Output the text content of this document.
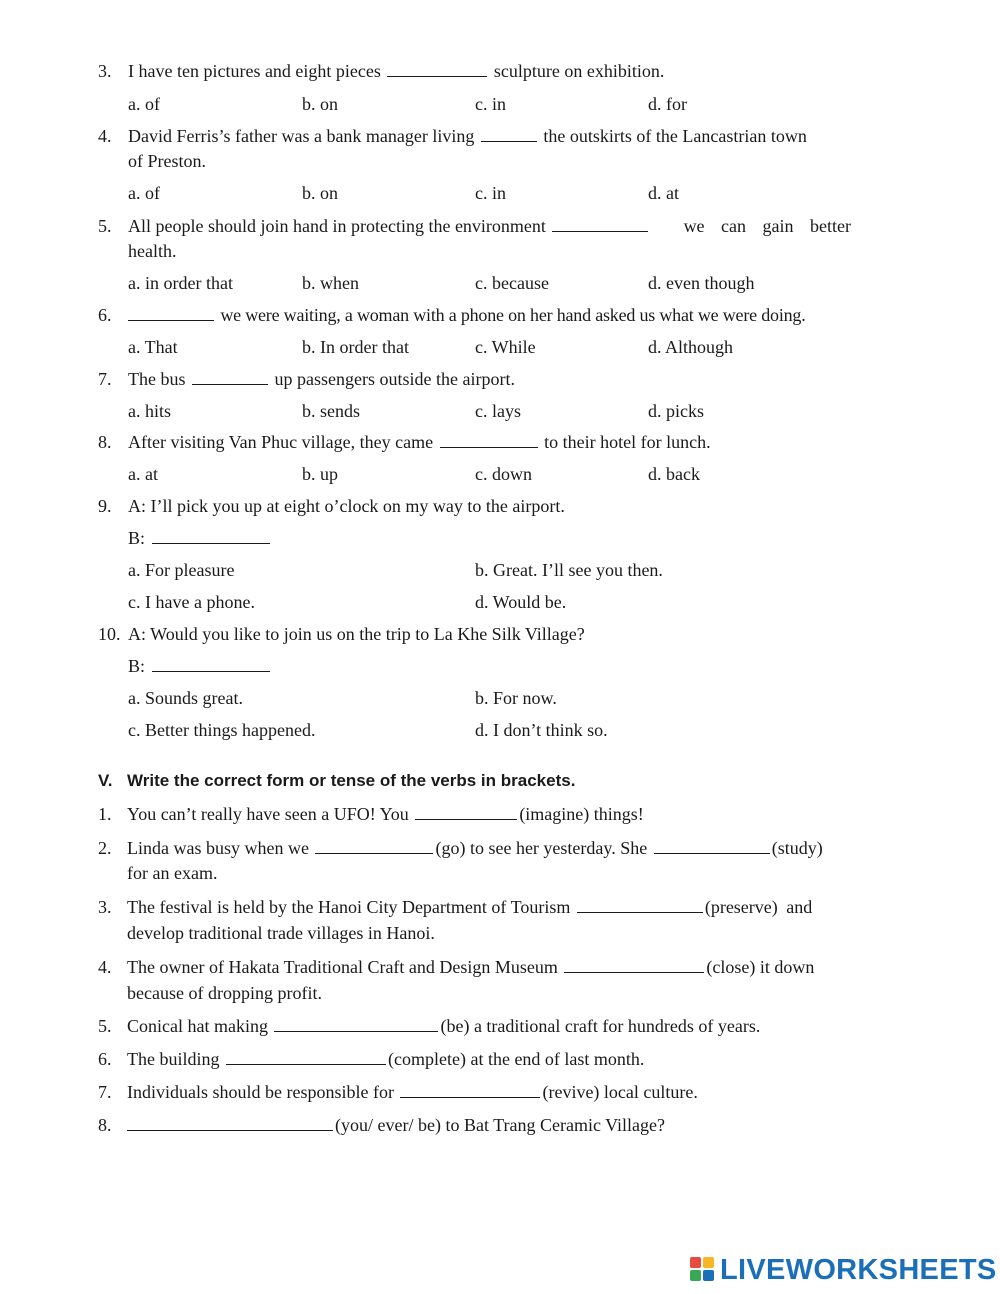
3. I have ten pictures and eight pieces	sculpture on exhibition.
a. of	b. on	c. in	d. for
4. David Ferris’s father was a bank manager living	the outskirts of the Lancastrian town
of Preston.
a. of	b. on	c. in	d. at
5. All people should join hand in protecting the environment	we can gain better
health.
a. in order that	b. when	c. because	d. even though
6.	we were waiting, a woman with a phone on her hand asked us what we were doing.
a. That	b. In order that	c. While	d. Although
7. The bus	up passengers outside the airport.
a. hits	b. sends	c. lays	d. picks
8. After visiting Van Phuc village, they came	to their hotel for lunch.
a. at	b. up	c. down	d. back
9. A: I’ll pick you up at eight o’clock on my way to the airport.
B:
a. For pleasure	b. Great. I’ll see you then.
c. I have a phone.	d. Would be.
10. A: Would you like to join us on the trip to La Khe Silk Village?
B:
a. Sounds great.	b. For now.
c. Better things happened.	d. I don’t think so.
V. Write the correct form or tense of the verbs in brackets.
1. You can’t really have seen a UFO! You	(imagine) things!
2. Linda was busy when we	(go) to see her yesterday. She	(study)
for an exam.
3. The festival is held by the Hanoi City Department of Tourism	(preserve) and
develop traditional trade villages in Hanoi.
4. The owner of Hakata Traditional Craft and Design Museum	(close) it down
because of dropping profit.
5. Conical hat making	(be) a traditional craft for hundreds of years.
6. The building	(complete) at the end of last month.
7. Individuals should be responsible for	(revive) local culture.
8.	(you/ ever/ be) to Bat Trang Ceramic Village?
LIVEWORKSHEETS
